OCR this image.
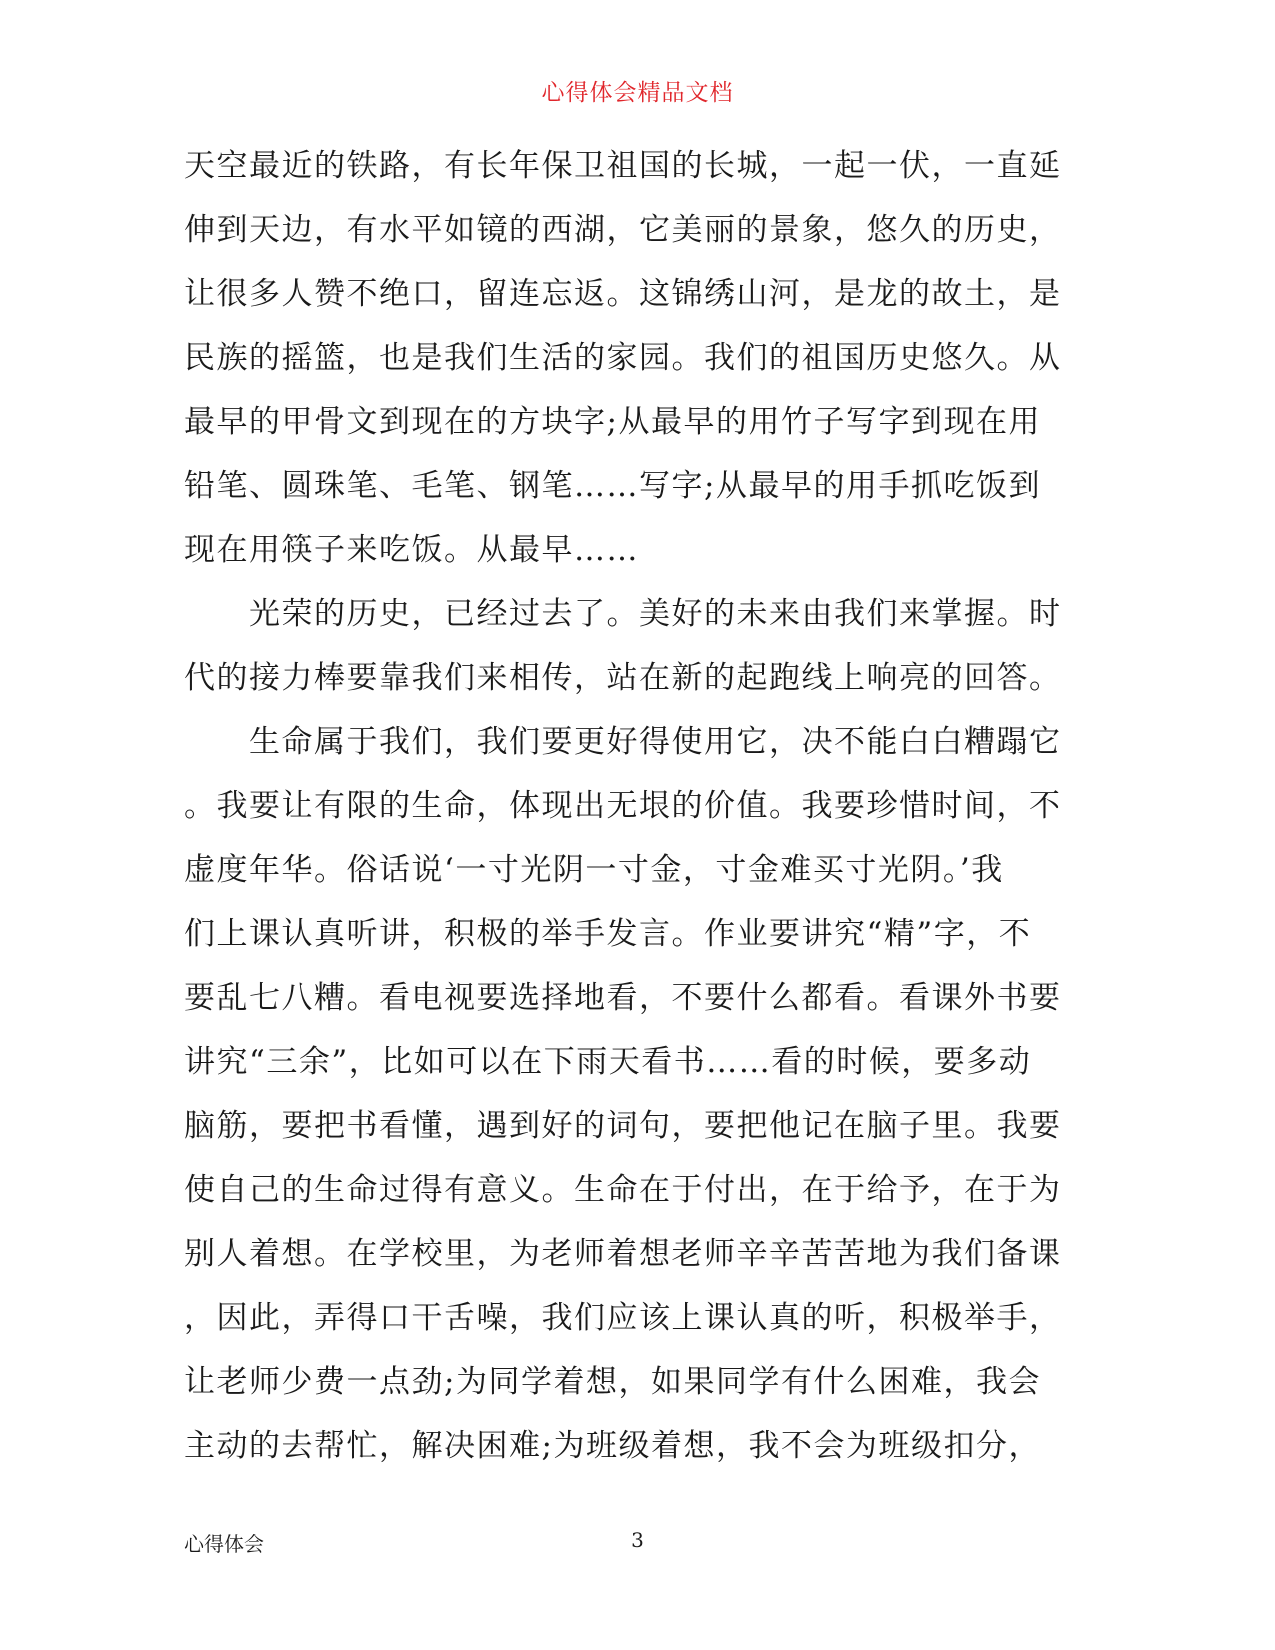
心得体会精品文档
天空最近的铁路，有长年保卫祖国的长城，一起一伏，一直延
伸到天边，有水平如镜的西湖，它美丽的景象，悠久的历史，
让很多人赞不绝口，留连忘返。这锦绣山河，是龙的故土，是
民族的摇篮，也是我们生活的家园。我们的祖国历史悠久。从
最早的甲骨文到现在的方块字;从最早的用竹子写字到现在用
铅笔、圆珠笔、毛笔、钢笔……写字;从最早的用手抓吃饭到
现在用筷子来吃饭。从最早……
　　光荣的历史，已经过去了。美好的未来由我们来掌握。时
代的接力棒要靠我们来相传，站在新的起跑线上响亮的回答。
　　生命属于我们，我们要更好得使用它，决不能白白糟蹋它
。我要让有限的生命，体现出无垠的价值。我要珍惜时间，不
虚度年华。俗话说‘一寸光阴一寸金，寸金难买寸光阴。’我
们上课认真听讲，积极的举手发言。作业要讲究“精”字，不
要乱七八糟。看电视要选择地看，不要什么都看。看课外书要
讲究“三余”，比如可以在下雨天看书……看的时候，要多动
脑筋，要把书看懂，遇到好的词句，要把他记在脑子里。我要
使自己的生命过得有意义。生命在于付出，在于给予，在于为
别人着想。在学校里，为老师着想老师辛辛苦苦地为我们备课
，因此，弄得口干舌噪，我们应该上课认真的听，积极举手，
让老师少费一点劲;为同学着想，如果同学有什么困难，我会
主动的去帮忙，解决困难;为班级着想，我不会为班级扣分，
心得体会	3
